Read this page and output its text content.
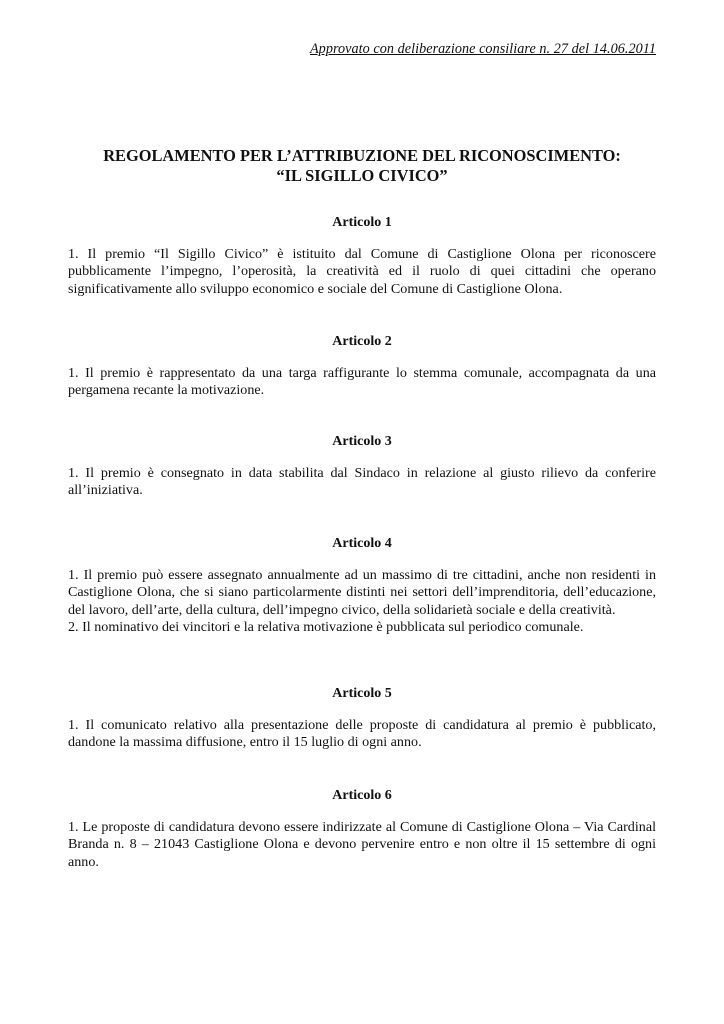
Approvato con deliberazione consiliare n. 27 del 14.06.2011
REGOLAMENTO PER L’ATTRIBUZIONE DEL RICONOSCIMENTO:
“IL SIGILLO CIVICO”
Articolo 1

1. Il premio “Il Sigillo Civico” è istituito dal Comune di Castiglione Olona per riconoscere pubblicamente l’impegno, l’operosità, la creatività ed il ruolo di quei cittadini che operano significativamente allo sviluppo economico e sociale del Comune di Castiglione Olona.

Articolo 2

1. Il premio è rappresentato da una targa raffigurante lo stemma comunale, accompagnata da una pergamena recante la motivazione.

Articolo 3

1. Il premio è consegnato in data stabilita dal Sindaco in relazione al giusto rilievo da conferire all’iniziativa.

Articolo 4

1. Il premio può essere assegnato annualmente ad un massimo di tre cittadini, anche non residenti in Castiglione Olona, che si siano particolarmente distinti nei settori dell’imprenditoria, dell’educazione, del lavoro, dell’arte, della cultura, dell’impegno civico, della solidarietà sociale e della creatività.

2. Il nominativo dei vincitori e la relativa motivazione è pubblicata sul periodico comunale.

Articolo 5

1. Il comunicato relativo alla presentazione delle proposte di candidatura al premio è pubblicato, dandone la massima diffusione, entro il 15 luglio di ogni anno.

Articolo 6

1. Le proposte di candidatura devono essere indirizzate al Comune di Castiglione Olona – Via Cardinal Branda n. 8 – 21043 Castiglione Olona e devono pervenire entro e non oltre il 15 settembre di ogni anno.
